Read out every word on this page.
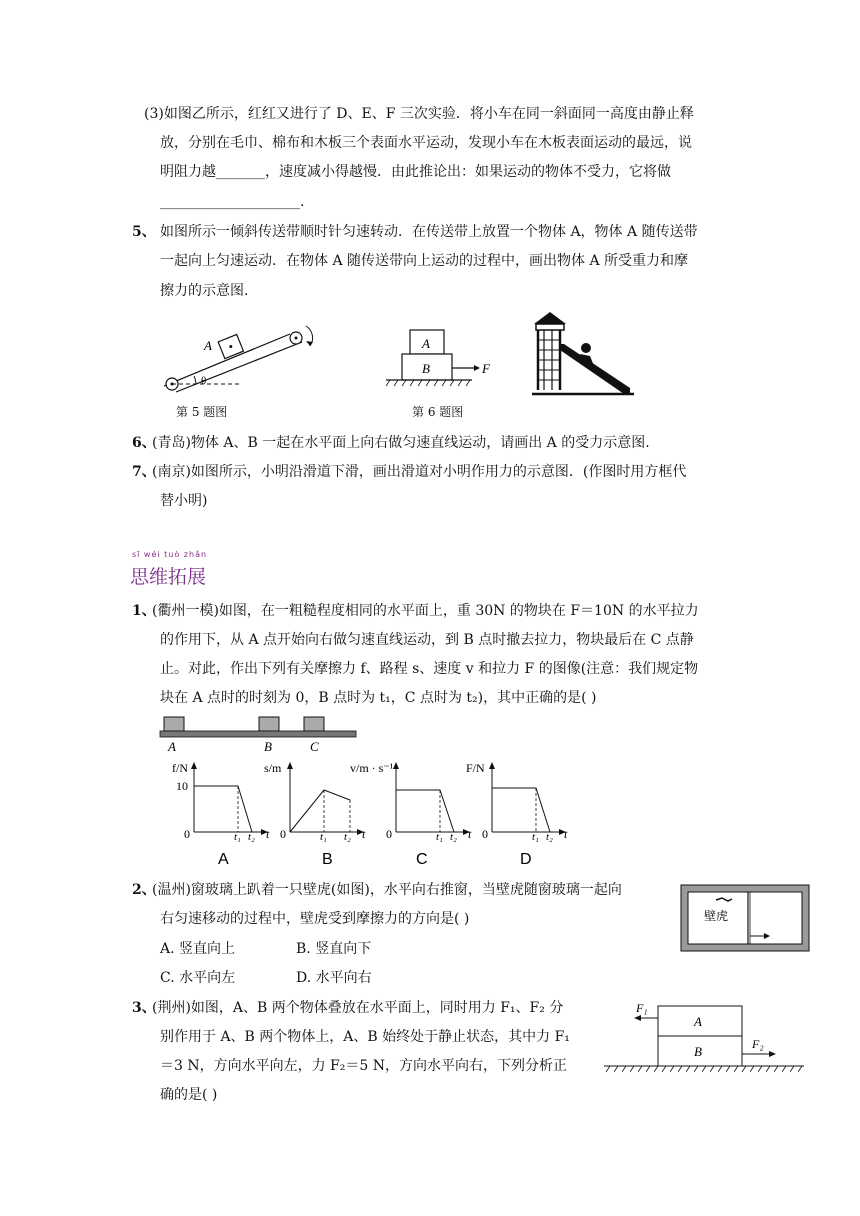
(3)如图乙所示，红红又进行了 D、E、F 三次实验．将小车在同一斜面同一高度由静止释
放，分别在毛巾、棉布和木板三个表面水平运动，发现小车在木板表面运动的最远，说
明阻力越_______，速度减小得越慢．由此推论出：如果运动的物体不受力，它将做
____________________.
5、 如图所示一倾斜传送带顺时针匀速转动．在传送带上放置一个物体 A，物体 A 随传送带
一起向上匀速运动．在物体 A 随传送带向上运动的过程中，画出物体 A 所受重力和摩
擦力的示意图.
A
θ
A
B	F
第 5 题图	第 6 题图
6、
(青岛)物体 A、B 一起在水平面上向右做匀速直线运动，请画出 A 的受力示意图.
7、
(南京)如图所示，小明沿滑道下滑，画出滑道对小明作用力的示意图．(作图时用方框代
替小明)
sī wéi tuò zhǎn
思维拓展
1、
(衢州一模)如图，在一粗糙程度相同的水平面上，重 30N 的物块在 F＝10N 的水平拉力
的作用下，从 A 点开始向右做匀速直线运动，到 B 点时撤去拉力，物块最后在 C 点静
止。对此，作出下列有关摩擦力 f、路程 s、速度 v 和拉力 F 的图像(注意：我们规定物
块在 A 点时的时刻为 0，B 点时为 t₁，C 点时为 t₂)，其中正确的是( )
A	B	C
f/N
10
0	t₁ t₂ t
A
s/m
0	t₁ t₂ t
B
v/m · s⁻¹
0	t₁ t₂ t
C
F/N
0	t₁ t₂ t
D
2、
(温州)窗玻璃上趴着一只壁虎(如图)，水平向右推窗，当壁虎随窗玻璃一起向
右匀速移动的过程中，壁虎受到摩擦力的方向是( )
A. 竖直向上	B. 竖直向下
C. 水平向左	D. 水平向右
壁虎
3、
(荆州)如图，A、B 两个物体叠放在水平面上，同时用力 F₁、F₂ 分
别作用于 A、B 两个物体上，A、B 始终处于静止状态，其中力 F₁
＝3 N，方向水平向左，力 F₂＝5 N，方向水平向右，下列分析正
确的是( )
A
B
F₁
F₂
